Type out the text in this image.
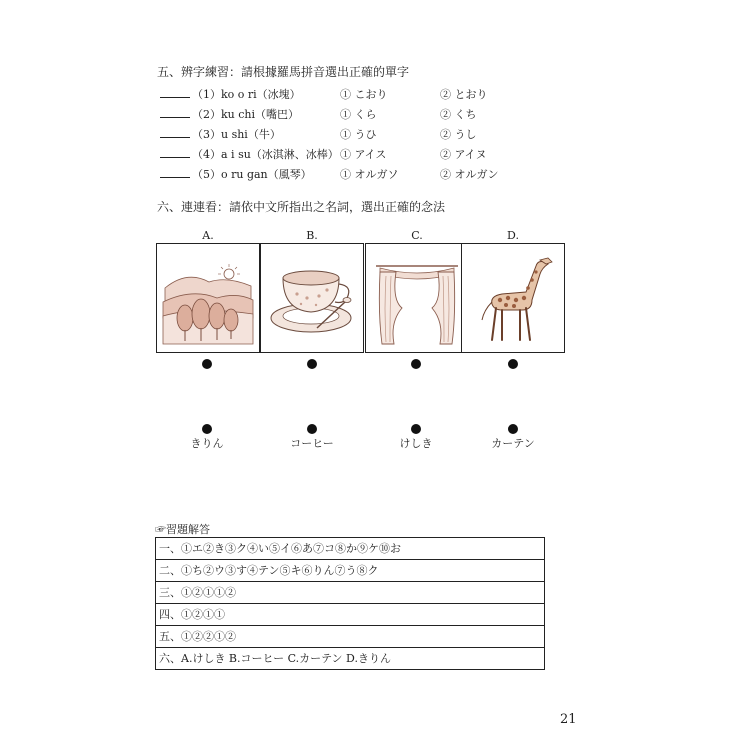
五、辨字練習：請根據羅馬拼音選出正確的單字
（1）ko o ri（冰塊）	① こおり	② とおり
（2）ku chi（嘴巴）	① くら	② くち
（3）u shi（牛）	① うひ	② うし
（4）a i su（冰淇淋、冰棒） ① アイス	② アイヌ
（5）o ru gan（風琴）	① オルガソ	② オルガン
六、連連看：請依中文所指出之名詞，選出正確的念法
A.	B.	C.	D.
きりん	コーヒー	けしき	カーテン
☞習題解答
一、①エ②き③ク④い⑤イ⑥あ⑦コ⑧か⑨ケ⑩お
二、①ち②ウ③す④テン⑤キ⑥りん⑦う⑧ク
三、①②①①②
四、①②①①
五、①②②①②
六、A.けしき B.コーヒー C.カーテン D.きりん
21
